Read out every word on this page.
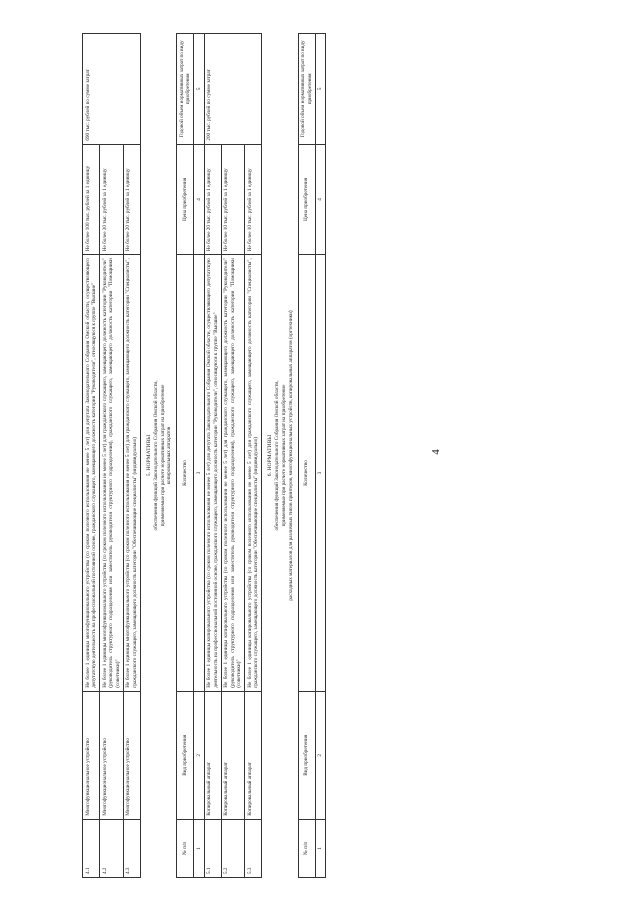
4
4.1	Многофункциональное устройство	Не более 1 единицы многофункционального устройства (со сроком полезного использования не менее 5 лет) для депутата Законодательного Собрания Омской области, осуществляющего депутатскую деятельность на профессиональной постоянной основе, гражданского служащего, замещающего должность категории "Руководители", относящуюся к группе "Высшие"	Не более 100 тыс. рублей за 1 единицу	690 тыс. рублей по сумме затрат
4.2	Многофункциональное устройство	Не более 1 единицы многофункционального устройства (со сроком полезного использования не менее 5 лет) для гражданского служащего, замещающего должность категории "Руководители" (руководитель структурного подразделения или заместитель руководителя структурного подразделения), гражданского служащего, замещающего должность категории "Помощники (советники)"	Не более 30 тыс. рублей за 1 единицу	
4.3	Многофункциональное устройство	Не более 1 единицы многофункционального устройства (со сроком полезного использования не менее 5 лет) для гражданского служащего, замещающего должность категории "Специалисты", гражданского служащего, замещающего должность категории "Обеспечивающие специалисты" (индивидуально)	Не более 20 тыс. рублей за 1 единицу	
5. НОРМАТИВЫ обеспечения функций Законодательного Собрания Омской области, применяемые при расчете нормативных затрат на приобретение копировальных аппаратов
№ п/п	Вид приобретения	Количество	Цена приобретения	Годовой объем нормативных затрат по виду приобретения
1	2	3	4	5
5.1	Копировальный аппарат	Не более 1 единицы копировального устройства (со сроком полезного использования не менее 5 лет) для депутата Законодательного Собрания Омской области, осуществляющего депутатскую деятельность на профессиональной постоянной основе, гражданского служащего, замещающего должность категории "Руководители", относящуюся к группе "Высшие"	Не более 20 тыс. рублей за 1 единицу	200 тыс. рублей по сумме затрат
5.2	Копировальный аппарат	Не более 1 единицы копировального устройства (со сроком полезного использования не менее 5 лет) для гражданского служащего, замещающего должность категории "Руководители" (руководитель структурного подразделения или заместитель руководителя структурного подразделения), гражданского служащего, замещающего должность категории "Помощники (советники)"	Не более 10 тыс. рублей за 1 единицу	
5.3	Копировальный аппарат	Не более 1 единицы копировального устройства (со сроком полезного использования не менее 5 лет) для гражданского служащего, замещающего должность категории "Специалисты", гражданского служащего, замещающего должность категории "Обеспечивающие специалисты" (индивидуально)	Не более 10 тыс. рублей за 1 единицу	
6. НОРМАТИВЫ обеспечения функций Законодательного Собрания Омской области, применяемые при расчете нормативных затрат на приобретение расходных материалов для различных типов принтеров, многофункциональных устройств, копировальных аппаратов (оргтехники)
№ п/п	Вид приобретения	Количество	Цена приобретения	Годовой объем нормативных затрат по виду приобретения
1	2	3	4	5
